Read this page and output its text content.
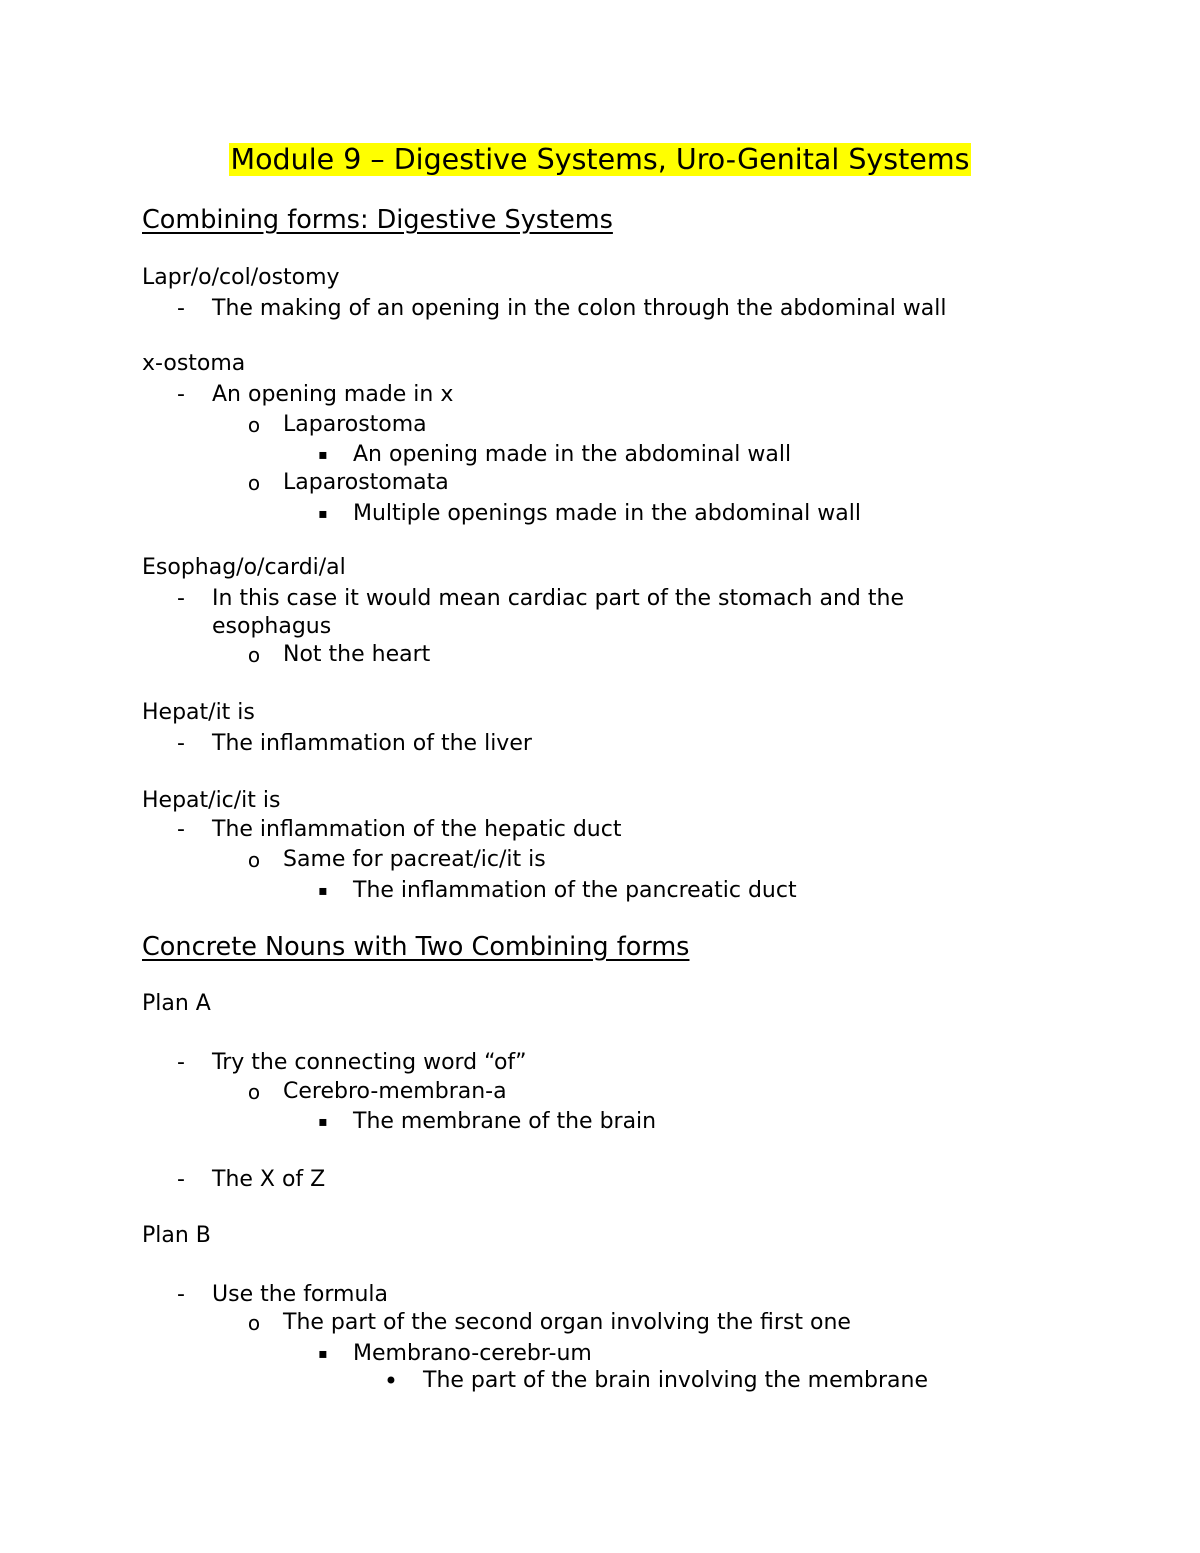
Module 9 – Digestive Systems, Uro-Genital Systems
Combining forms: Digestive Systems
Lapr/o/col/ostomy
- The making of an opening in the colon through the abdominal wall
x-ostoma
- An opening made in x
o Laparostoma
▪ An opening made in the abdominal wall
o Laparostomata
▪ Multiple openings made in the abdominal wall
Esophag/o/cardi/al
- In this case it would mean cardiac part of the stomach and the
esophagus
o Not the heart
Hepat/it is
- The inflammation of the liver
Hepat/ic/it is
- The inflammation of the hepatic duct
o Same for pacreat/ic/it is
▪ The inflammation of the pancreatic duct
Concrete Nouns with Two Combining forms
Plan A
- Try the connecting word “of”
o Cerebro-membran-a
▪ The membrane of the brain
- The X of Z
Plan B
- Use the formula
o The part of the second organ involving the first one
▪ Membrano-cerebr-um
• The part of the brain involving the membrane
